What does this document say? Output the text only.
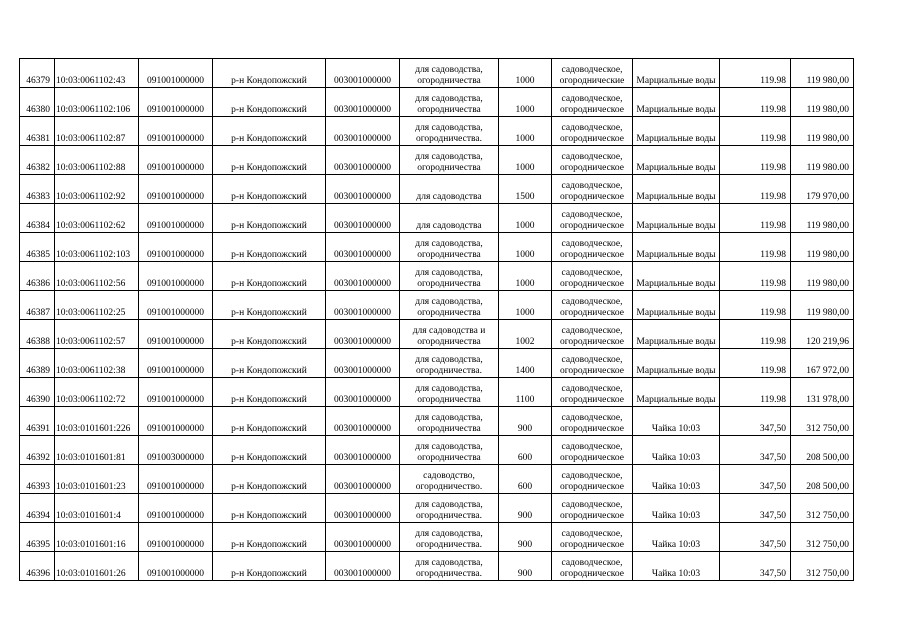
46379	10:03:0061102:43	091001000000	р-н Кондопожский	003001000000	для садоводства,
огородничества	1000	садоводческое,
огороднические	Марциальные воды	119.98	119 980,00
46380	10:03:0061102:106	091001000000	р-н Кондопожский	003001000000	для садоводства,
огородничества	1000	садоводческое,
огородническое	Марциальные воды	119.98	119 980,00
46381	10:03:0061102:87	091001000000	р-н Кондопожский	003001000000	для садоводства,
огородничества.	1000	садоводческое,
огородническое	Марциальные воды	119.98	119 980,00
46382	10:03:0061102:88	091001000000	р-н Кондопожский	003001000000	для садоводства,
огородничества	1000	садоводческое,
огородническое	Марциальные воды	119.98	119 980.00
46383	10:03:0061102:92	091001000000	р-н Кондопожский	003001000000	для садоводства	1500	садоводческое,
огородническое	Марциальные воды	119.98	179 970,00
46384	10:03:0061102:62	091001000000	р-н Кондопожский	003001000000	для садоводства	1000	садоводческое,
огородническое	Марциальные воды	119.98	119 980,00
46385	10:03:0061102:103	091001000000	р-н Кондопожский	003001000000	для садоводства,
огородничества	1000	садоводческое,
огородническое	Марциальные воды	119.98	119 980,00
46386	10:03:0061102:56	091001000000	р-н Кондопожский	003001000000	для садоводства,
огородничества	1000	садоводческое,
огородническое	Марциальные воды	119.98	119 980,00
46387	10:03:0061102:25	091001000000	р-н Кондопожский	003001000000	для садоводства,
огородничества	1000	садоводческое,
огородническое	Марциальные воды	119.98	119 980,00
46388	10:03:0061102:57	091001000000	р-н Кондопожский	003001000000	для садоводства и
огородничества	1002	садоводческое,
огородническое	Марциальные воды	119.98	120 219,96
46389	10:03:0061102:38	091001000000	р-н Кондопожский	003001000000	для садоводства,
огородничества.	1400	садоводческое,
огородническое	Марциальные воды	119.98	167 972,00
46390	10:03:0061102:72	091001000000	р-н Кондопожский	003001000000	для садоводства,
огородничества	1100	садоводческое,
огородническое	Марциальные воды	119.98	131 978,00
46391	10:03:0101601:226	091001000000	р-н Кондопожский	003001000000	для садоводства,
огородничества	900	садоводческое,
огородническое	Чайка 10:03	347,50	312 750,00
46392	10:03:0101601:81	091003000000	р-н Кондопожский	003001000000	для садоводства,
огородничества	600	садоводческое,
огородническое	Чайка 10:03	347,50	208 500,00
46393	10:03:0101601:23	091001000000	р-н Кондопожский	003001000000	садоводство,
огородничество.	600	садоводческое,
огородническое	Чайка 10:03	347,50	208 500,00
46394	10:03:0101601:4	091001000000	р-н Кондопожский	003001000000	для садоводства,
огородничества.	900	садоводческое,
огородническое	Чайка 10:03	347,50	312 750,00
46395	10:03:0101601:16	091001000000	р-н Кондопожский	003001000000	для садоводства,
огородничества.	900	садоводческое,
огородническое	Чайка 10:03	347,50	312 750,00
46396	10:03:0101601:26	091001000000	р-н Кондопожский	003001000000	для садоводства,
огородничества.	900	садоводческое,
огородническое	Чайка 10:03	347,50	312 750,00
